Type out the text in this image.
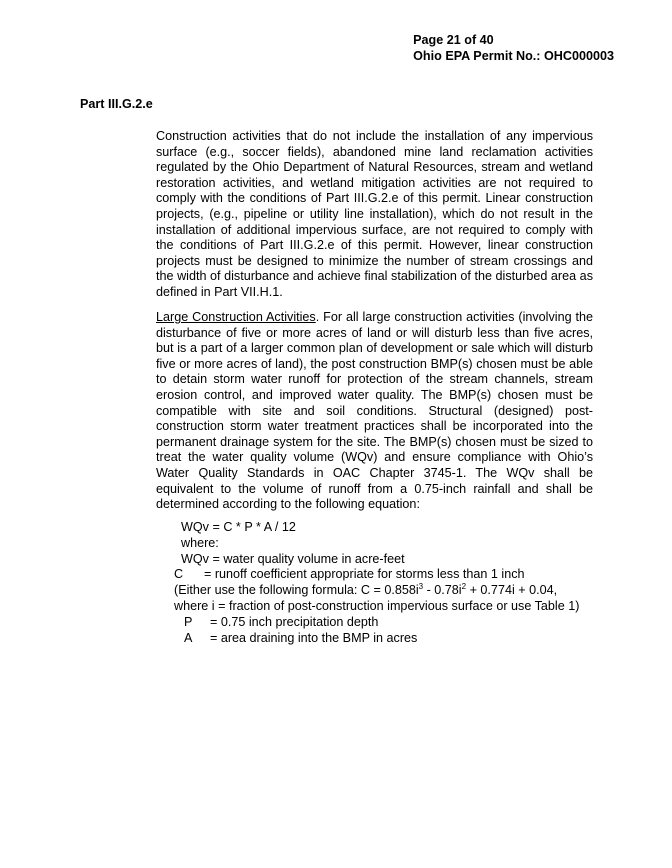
Page 21 of 40
Ohio EPA Permit No.: OHC000003
Part III.G.2.e
Construction activities that do not include the installation of any impervious surface (e.g., soccer fields), abandoned mine land reclamation activities regulated by the Ohio Department of Natural Resources, stream and wetland restoration activities, and wetland mitigation activities are not required to comply with the conditions of Part III.G.2.e of this permit. Linear construction projects, (e.g., pipeline or utility line installation), which do not result in the installation of additional impervious surface, are not required to comply with the conditions of Part III.G.2.e of this permit. However, linear construction projects must be designed to minimize the number of stream crossings and the width of disturbance and achieve final stabilization of the disturbed area as defined in Part VII.H.1.
Large Construction Activities. For all large construction activities (involving the disturbance of five or more acres of land or will disturb less than five acres, but is a part of a larger common plan of development or sale which will disturb five or more acres of land), the post construction BMP(s) chosen must be able to detain storm water runoff for protection of the stream channels, stream erosion control, and improved water quality. The BMP(s) chosen must be compatible with site and soil conditions. Structural (designed) post-construction storm water treatment practices shall be incorporated into the permanent drainage system for the site. The BMP(s) chosen must be sized to treat the water quality volume (WQv) and ensure compliance with Ohio’s Water Quality Standards in OAC Chapter 3745-1. The WQv shall be equivalent to the volume of runoff from a 0.75-inch rainfall and shall be determined according to the following equation:
WQv = C * P * A / 12
where:
WQv = water quality volume in acre-feet
C = runoff coefficient appropriate for storms less than 1 inch
(Either use the following formula: $C = 0.858i^3 - 0.78i^2 + 0.774i + 0.04$,
where i = fraction of post-construction impervious surface or use Table 1)
P = 0.75 inch precipitation depth
A = area draining into the BMP in acres
